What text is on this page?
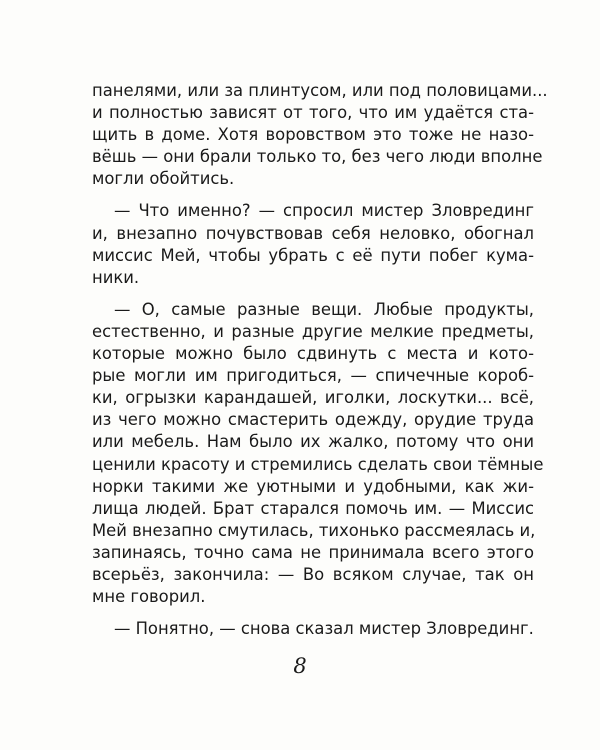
панелями, или за плинтусом, или под половицами...
и полностью зависят от того, что им удаётся ста-
щить в доме. Хотя воровством это тоже не назо-
вёшь — они брали только то, без чего люди вполне
могли обойтись.
— Что именно? — спросил мистер Зловрединг
и, внезапно почувствовав себя неловко, обогнал
миссис Мей, чтобы убрать с её пути побег кума-
ники.
— О, самые разные вещи. Любые продукты,
естественно, и разные другие мелкие предметы,
которые можно было сдвинуть с места и кото-
рые могли им пригодиться, — спичечные короб-
ки, огрызки карандашей, иголки, лоскутки... всё,
из чего можно смастерить одежду, орудие труда
или мебель. Нам было их жалко, потому что они
ценили красоту и стремились сделать свои тёмные
норки такими же уютными и удобными, как жи-
лища людей. Брат старался помочь им. — Миссис
Мей внезапно смутилась, тихонько рассмеялась и,
запинаясь, точно сама не принимала всего этого
всерьёз, закончила: — Во всяком случае, так он
мне говорил.
— Понятно, — снова сказал мистер Зловрединг.
8
